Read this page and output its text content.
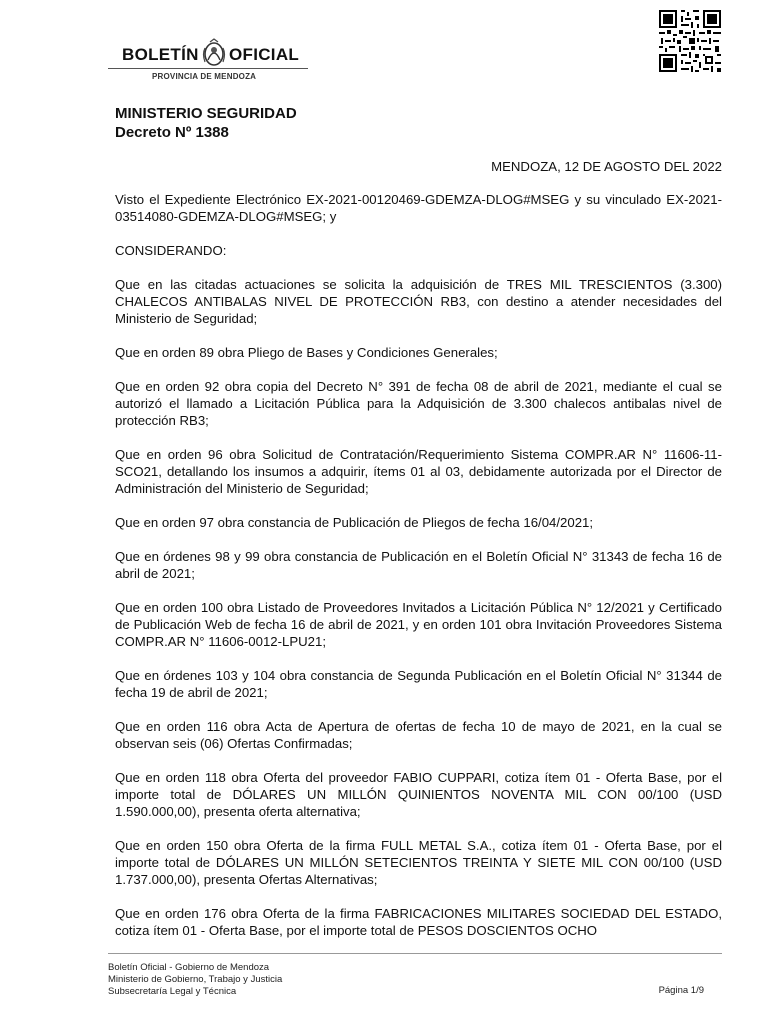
BOLETÍN OFICIAL
PROVINCIA DE MENDOZA
MINISTERIO SEGURIDAD
Decreto Nº 1388
MENDOZA, 12 DE AGOSTO DEL 2022

Visto el Expediente Electrónico EX-2021-00120469-GDEMZA-DLOG#MSEG y su vinculado EX-2021-03514080-GDEMZA-DLOG#MSEG; y

CONSIDERANDO:

Que en las citadas actuaciones se solicita la adquisición de TRES MIL TRESCIENTOS (3.300) CHALECOS ANTIBALAS NIVEL DE PROTECCIÓN RB3, con destino a atender necesidades del Ministerio de Seguridad;

Que en orden 89 obra Pliego de Bases y Condiciones Generales;

Que en orden 92 obra copia del Decreto N° 391 de fecha 08 de abril de 2021, mediante el cual se autorizó el llamado a Licitación Pública para la Adquisición de 3.300 chalecos antibalas nivel de protección RB3;

Que en orden 96 obra Solicitud de Contratación/Requerimiento Sistema COMPR.AR N° 11606-11-SCO21, detallando los insumos a adquirir, ítems 01 al 03, debidamente autorizada por el Director de Administración del Ministerio de Seguridad;

Que en orden 97 obra constancia de Publicación de Pliegos de fecha 16/04/2021;

Que en órdenes 98 y 99 obra constancia de Publicación en el Boletín Oficial N° 31343 de fecha 16 de abril de 2021;

Que en orden 100 obra Listado de Proveedores Invitados a Licitación Pública N° 12/2021 y Certificado de Publicación Web de fecha 16 de abril de 2021, y en orden 101 obra Invitación Proveedores Sistema COMPR.AR N° 11606-0012-LPU21;

Que en órdenes 103 y 104 obra constancia de Segunda Publicación en el Boletín Oficial N° 31344 de fecha 19 de abril de 2021;

Que en orden 116 obra Acta de Apertura de ofertas de fecha 10 de mayo de 2021, en la cual se observan seis (06) Ofertas Confirmadas;

Que en orden 118 obra Oferta del proveedor FABIO CUPPARI, cotiza ítem 01 - Oferta Base, por el importe total de DÓLARES UN MILLÓN QUINIENTOS NOVENTA MIL CON 00/100 (USD 1.590.000,00), presenta oferta alternativa;

Que en orden 150 obra Oferta de la firma FULL METAL S.A., cotiza ítem 01 - Oferta Base, por el importe total de DÓLARES UN MILLÓN SETECIENTOS TREINTA Y SIETE MIL CON 00/100 (USD 1.737.000,00), presenta Ofertas Alternativas;

Que en orden 176 obra Oferta de la firma FABRICACIONES MILITARES SOCIEDAD DEL ESTADO, cotiza ítem 01 - Oferta Base, por el importe total de PESOS DOSCIENTOS OCHO

Boletín Oficial - Gobierno de Mendoza
Ministerio de Gobierno, Trabajo y Justicia
Subsecretaría Legal y Técnica	Página 1/9
